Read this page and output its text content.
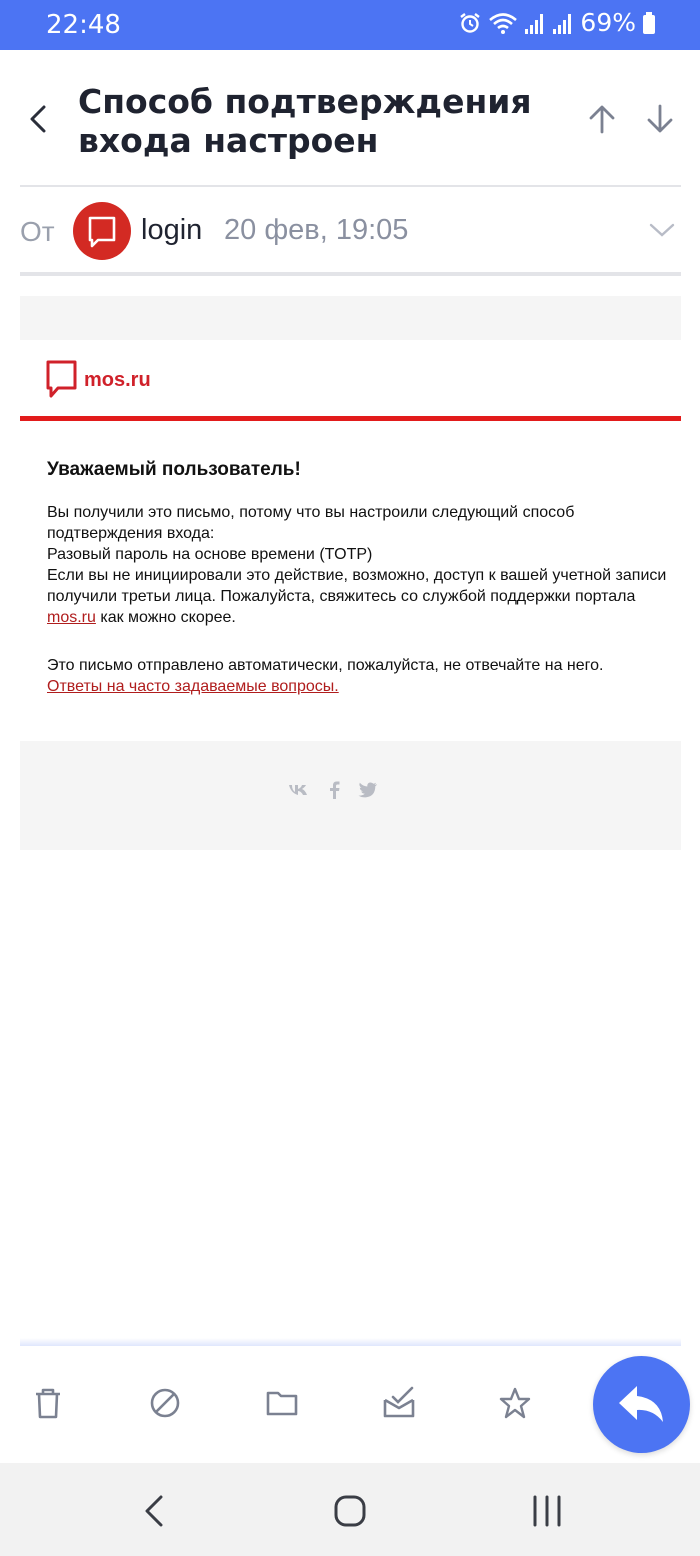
22:48	69%
Способ подтверждения входа настроен
От	login 20 фев, 19:05
mos.ru
Уважаемый пользователь!

Вы получили это письмо, потому что вы настроили следующий способ подтверждения входа:

Разовый пароль на основе времени (TOTP)

Если вы не инициировали это действие, возможно, доступ к вашей учетной записи получили третьи лица. Пожалуйста, свяжитесь со службой поддержки портала mos.ru как можно скорее.

Это письмо отправлено автоматически, пожалуйста, не отвечайте на него.

Ответы на часто задаваемые вопросы.
